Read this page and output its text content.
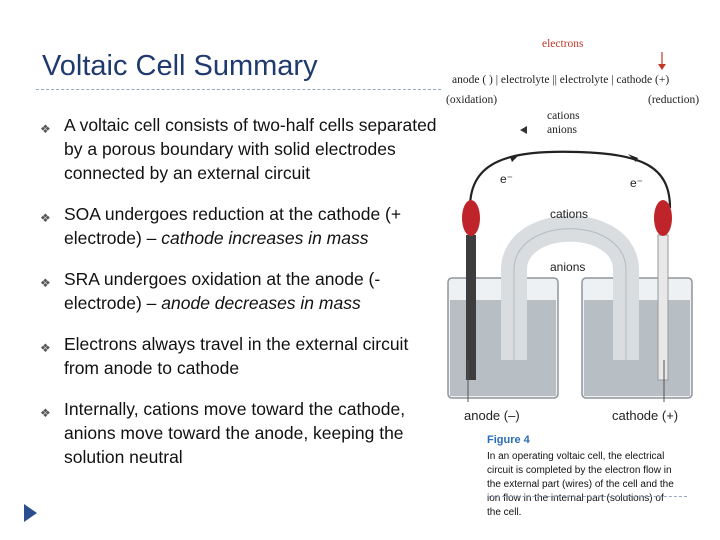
Voltaic Cell Summary
❖ A voltaic cell consists of two-half cells separated by a porous boundary with solid electrodes connected by an external circuit
❖ SOA undergoes reduction at the cathode (+ electrode) – cathode increases in mass
❖ SRA undergoes oxidation at the anode (- electrode) – anode decreases in mass
❖ Electrons always travel in the external circuit from anode to cathode
❖ Internally, cations move toward the cathode, anions move toward the anode, keeping the solution neutral
electrons
anode ( ) | electrolyte || electrolyte | cathode (+)
(oxidation)	(reduction)
cations
anions
e⁻	e⁻
cations
anions
anode (–)	cathode (+)
Figure 4
In an operating voltaic cell, the electrical circuit is completed by the electron flow in the external part (wires) of the cell and the ion flow in the internal part (solutions) of the cell.
